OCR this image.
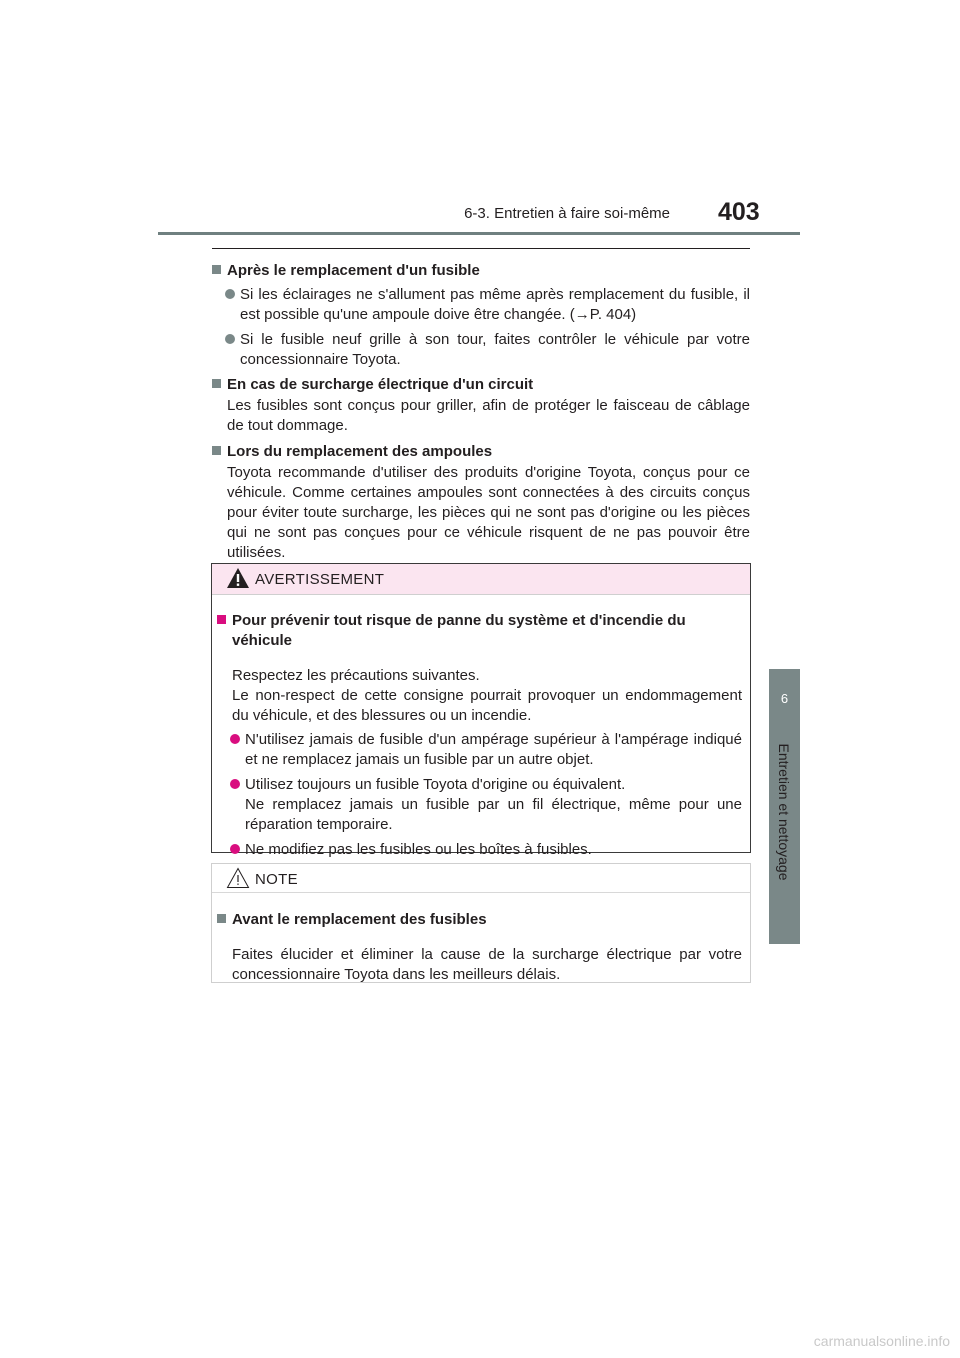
6-3. Entretien à faire soi-même 403
6
Entretien et nettoyage

Après le remplacement d'un fusible

Si les éclairages ne s'allument pas même après remplacement du fusible, il est possible qu'une ampoule doive être changée. (→P. 404)

Si le fusible neuf grille à son tour, faites contrôler le véhicule par votre concessionnaire Toyota.

En cas de surcharge électrique d'un circuit

Les fusibles sont conçus pour griller, afin de protéger le faisceau de câblage de tout dommage.

Lors du remplacement des ampoules

Toyota recommande d'utiliser des produits d'origine Toyota, conçus pour ce véhicule. Comme certaines ampoules sont connectées à des circuits conçus pour éviter toute surcharge, les pièces qui ne sont pas d'origine ou les pièces qui ne sont pas conçues pour ce véhicule risquent de ne pas pouvoir être utilisées.

AVERTISSEMENT

Pour prévenir tout risque de panne du système et d'incendie du véhicule

Respectez les précautions suivantes.
Le non-respect de cette consigne pourrait provoquer un endommagement du véhicule, et des blessures ou un incendie.

N'utilisez jamais de fusible d'un ampérage supérieur à l'ampérage indiqué et ne remplacez jamais un fusible par un autre objet.

Utilisez toujours un fusible Toyota d'origine ou équivalent.
Ne remplacez jamais un fusible par un fil électrique, même pour une réparation temporaire.

Ne modifiez pas les fusibles ou les boîtes à fusibles.

NOTE

Avant le remplacement des fusibles

Faites élucider et éliminer la cause de la surcharge électrique par votre concessionnaire Toyota dans les meilleurs délais.

carmanualsonline.info
